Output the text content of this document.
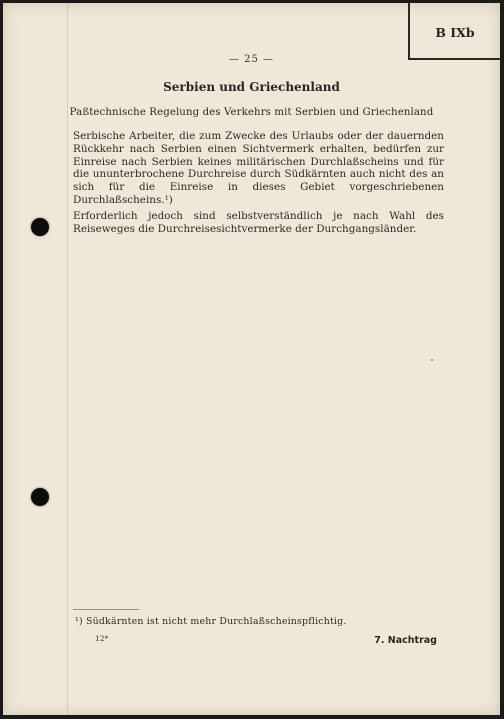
B IXb
— 25 —
Serbien und Griechenland
Paßtechnische Regelung des Verkehrs mit Serbien und Griechenland

Serbische Arbeiter, die zum Zwecke des Urlaubs oder der dauernden Rückkehr nach Serbien einen Sichtvermerk erhalten, bedürfen zur Einreise nach Serbien keines militärischen Durchlaßscheins und für die ununterbrochene Durchreise durch Südkärnten auch nicht des an sich für die Einreise in dieses Gebiet vorgeschriebenen Durchlaßscheins.¹)

Erforderlich jedoch sind selbstverständlich je nach Wahl des Reiseweges die Durchreisesichtvermerke der Durchgangsländer.

¹) Südkärnten ist nicht mehr Durchlaßscheinspflichtig.
12*	7. Nachtrag
